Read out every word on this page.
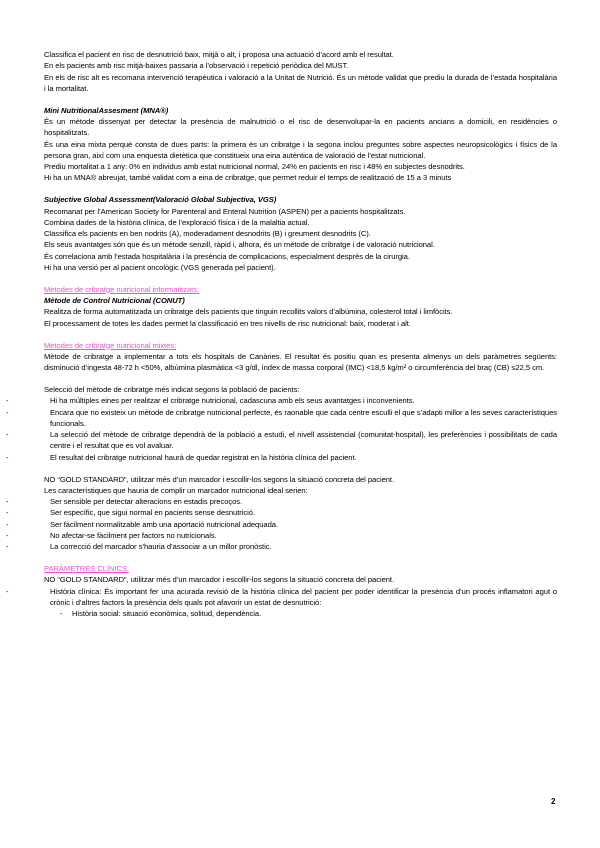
Classifica el pacient en risc de desnutrició baix, mitjà o alt, i proposa una actuació d’acord amb el resultat.

En els pacients amb risc mitjà-baixes passaria a l’observació i repetició periòdica del MUST.

En els de risc alt es recomana intervenció terapèutica i valoració a la Unitat de Nutrició. És un mètode validat que prediu la durada de l’estada hospitalària i la mortalitat.

Mini NutritionalAssesment (MNA®)

És un mètode dissenyat per detectar la presència de malnutrició o el risc de desenvolupar-la en pacients ancians a domicili, en residències o hospitalitzats.

És una eina mixta perquè consta de dues parts: la primera és un cribratge i la segona inclou preguntes sobre aspectes neuropsicològics i físics de la persona gran, així com una enquesta dietètica que constitueix una eina autèntica de valoració de l’estat nutricional.

Prediu mortalitat a 1 any: 0% en individus amb estat nutricional normal, 24% en pacients en risc i 48% en subjectes desnodrits.

Hi ha un MNA® abreujat, també validat com a eina de cribratge, que permet reduir el temps de realització de 15 a 3 minuts

Subjective Global Assessment(Valoració Global Subjectiva, VGS)

Recomanat per l’American Society for Parenteral and Enteral Nutrition (ASPEN) per a pacients hospitalitzats.

Combina dades de la història clínica, de l’exploració física i de la malaltia actual.

Classifica els pacients en ben nodrits (A), moderadament desnodrits (B) i greument desnodrits (C).

Els seus avantatges són que és un mètode senzill, ràpid i, alhora, és un mètode de cribratge i de valoració nutricional.

És correlaciona amb l’estada hospitalària i la presència de complicacions, especialment després de la cirurgia.

Hi ha una versió per al pacient oncològic (VGS generada pel pacient).

Mètodes de cribratge nutricional informatitzats:

Mètode de Control Nutricional (CONUT)

Realitza de forma automatitzada un cribratge dels pacients que tinguin recollits valors d’albúmina, colesterol total i limfòcits.

El processament de totes les dades permet la classificació en tres nivells de risc nutricional: baix, moderat i alt.

Mètodes de cribratge nutricional mixtes:

Mètode de cribratge a implementar a tots els hospitals de Canàries. El resultat és positiu quan es presenta almenys un dels paràmetres següents: disminució d’ingesta 48-72 h <50%, albúmina plasmàtica <3 g/dl, índex de massa corporal (IMC) <18,5 kg/m² o circumferència del braç (CB) ≤22,5 cm.

Selecció del mètode de cribratge més indicat segons la població de pacients:

- Hi ha múltiples eines per realitzar el cribratge nutricional, cadascuna amb els seus avantatges i inconvenients.
- Encara que no existeix un mètode de cribratge nutricional perfecte, és raonable que cada centre esculli el que s’adapti millor a les seves característiques funcionals.
- La selecció del mètode de cribratge dependrà de la població a estudi, el nivell assistencial (comunitat-hospital), les preferències i possibilitats de cada centre i el resultat que es vol avaluar.
- El resultat del cribratge nutricional haurà de quedar registrat en la història clínica del pacient.

NO “GOLD STANDARD”, utilitzar més d’un marcador i escollir-los segons la situació concreta del pacient.

Les característiques que hauria de complir un marcador nutricional ideal serien:

- Ser sensible per detectar alteracions en estadis precoços.
- Ser específic, que sigui normal en pacients sense desnutrició.
- Ser fàcilment normalitzable amb una aportació nutricional adequada.
- No afectar-se fàcilment per factors no nutricionals.
- La correcció del marcador s’hauria d’associar a un millor pronòstic.

PARÀMETRES CLÍNICS:

NO “GOLD STANDARD”, utilitzar més d’un marcador i escollir-los segons la situació concreta del pacient.

- Història clínica: És important fer una acurada revisió de la història clínica del pacient per poder identificar la presència d’un procés inflamatori agut o crònic i d’altres factors la presència dels quals pot afavorir un estat de desnutrició:
- Història social: situació econòmica, solitud, dependència.
2
